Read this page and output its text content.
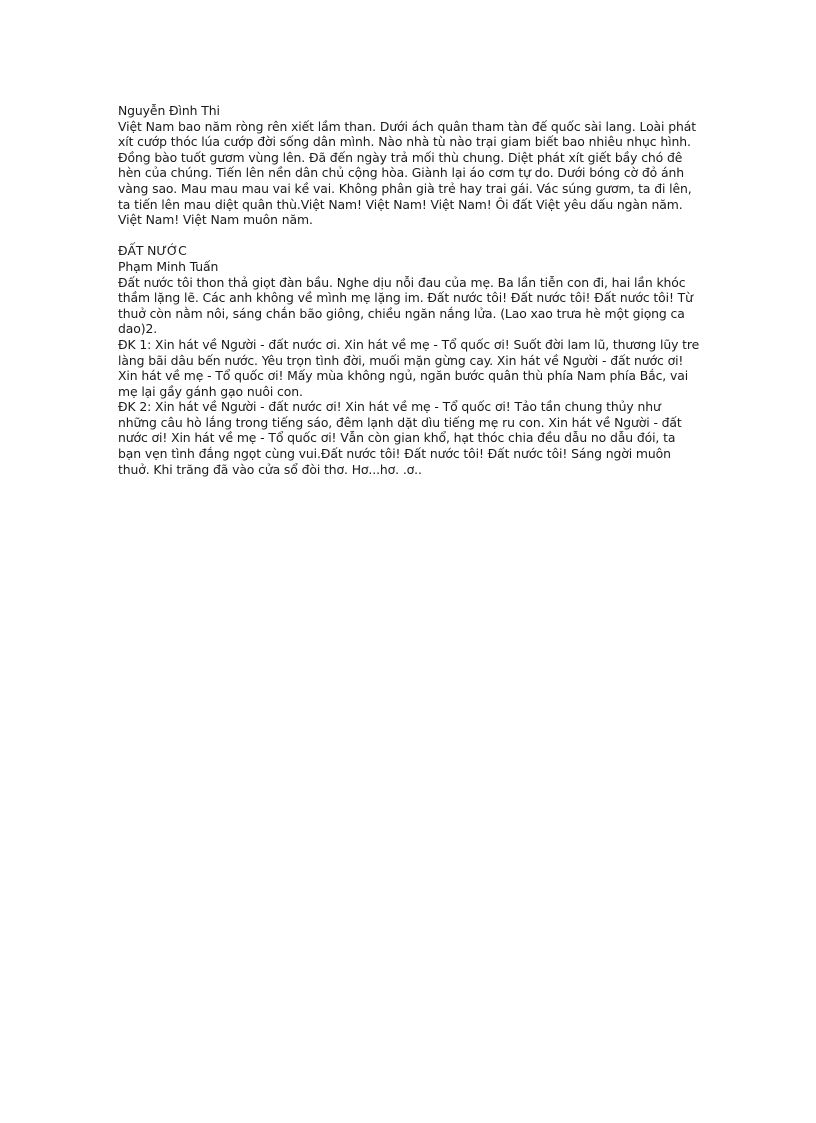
Nguyễn Đình Thi

Việt Nam bao năm ròng rên xiết lầm than. Dưới ách quân tham tàn đế quốc sài lang. Loài phát xít cướp thóc lúa cướp đời sống dân mình. Nào nhà tù nào trại giam biết bao nhiêu nhục hình. Đồng bào tuốt gươm vùng lên. Đã đến ngày trả mối thù chung. Diệt phát xít giết bầy chó đê hèn của chúng. Tiến lên nền dân chủ cộng hòa. Giành lại áo cơm tự do. Dưới bóng cờ đỏ ánh vàng sao. Mau mau mau vai kề vai. Không phân già trẻ hay trai gái. Vác súng gươm, ta đi lên, ta tiến lên mau diệt quân thù.Việt Nam! Việt Nam! Việt Nam! Ôi đất Việt yêu dấu ngàn năm. Việt Nam! Việt Nam muôn năm.

ĐẤT NƯỚC

Phạm Minh Tuấn

Đất nước tôi thon thả giọt đàn bầu. Nghe dịu nỗi đau của mẹ. Ba lần tiễn con đi, hai lần khóc thầm lặng lẽ. Các anh không về mình mẹ lặng im. Đất nước tôi! Đất nước tôi! Đất nước tôi! Từ thuở còn nằm nôi, sáng chắn bão giông, chiều ngăn nắng lửa. (Lao xao trưa hè một giọng ca dao)2.

ĐK 1: Xin hát về Người - đất nước ơi. Xin hát về mẹ - Tổ quốc ơi! Suốt đời lam lũ, thương lũy tre làng bãi dâu bến nước. Yêu trọn tình đời, muối mặn gừng cay. Xin hát về Người - đất nước ơi! Xin hát về mẹ - Tổ quốc ơi! Mấy mùa không ngủ, ngăn bước quân thù phía Nam phía Bắc, vai mẹ lại gầy gánh gạo nuôi con.

ĐK 2: Xin hát về Người - đất nước ơi! Xin hát về mẹ - Tổ quốc ơi! Tảo tần chung thủy như những câu hò lắng trong tiếng sáo, đêm lạnh dặt dìu tiếng mẹ ru con. Xin hát về Người - đất nước ơi! Xin hát về mẹ - Tổ quốc ơi! Vẫn còn gian khổ, hạt thóc chia đều dẫu no dẫu đói, ta bạn vẹn tình đắng ngọt cùng vui.Đất nước tôi! Đất nước tôi! Đất nước tôi! Sáng ngời muôn thuở. Khi trăng đã vào cửa sổ đòi thơ. Hơ...hơ. .ơ..
